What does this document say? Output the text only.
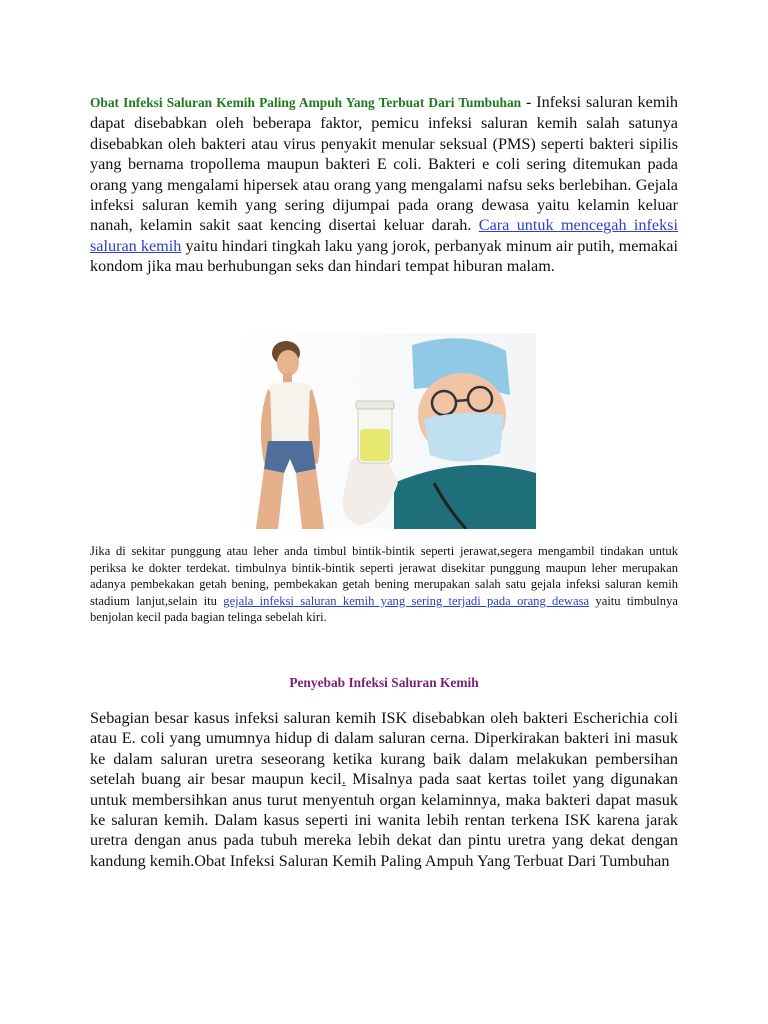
Obat Infeksi Saluran Kemih Paling Ampuh Yang Terbuat Dari Tumbuhan - Infeksi saluran kemih dapat disebabkan oleh beberapa faktor, pemicu infeksi saluran kemih salah satunya disebabkan oleh bakteri atau virus penyakit menular seksual (PMS) seperti bakteri sipilis yang bernama tropollema maupun bakteri E coli. Bakteri e coli sering ditemukan pada orang yang mengalami hipersek atau orang yang mengalami nafsu seks berlebihan. Gejala infeksi saluran kemih yang sering dijumpai pada orang dewasa yaitu kelamin keluar nanah, kelamin sakit saat kencing disertai keluar darah. Cara untuk mencegah infeksi saluran kemih yaitu hindari tingkah laku yang jorok, perbanyak minum air putih, memakai kondom jika mau berhubungan seks dan hindari tempat hiburan malam.

Jika di sekitar punggung atau leher anda timbul bintik-bintik seperti jerawat,segera mengambil tindakan untuk periksa ke dokter terdekat. timbulnya bintik-bintik seperti jerawat disekitar punggung maupun leher merupakan adanya pembekakan getah bening, pembekakan getah bening merupakan salah satu gejala infeksi saluran kemih stadium lanjut,selain itu gejala infeksi saluran kemih yang sering terjadi pada orang dewasa yaitu timbulnya benjolan kecil pada bagian telinga sebelah kiri.

Penyebab Infeksi Saluran Kemih

Sebagian besar kasus infeksi saluran kemih ISK disebabkan oleh bakteri Escherichia coli atau E. coli yang umumnya hidup di dalam saluran cerna. Diperkirakan bakteri ini masuk ke dalam saluran uretra seseorang ketika kurang baik dalam melakukan pembersihan setelah buang air besar maupun kecil. Misalnya pada saat kertas toilet yang digunakan untuk membersihkan anus turut menyentuh organ kelaminnya, maka bakteri dapat masuk ke saluran kemih. Dalam kasus seperti ini wanita lebih rentan terkena ISK karena jarak uretra dengan anus pada tubuh mereka lebih dekat dan pintu uretra yang dekat dengan kandung kemih.Obat Infeksi Saluran Kemih Paling Ampuh Yang Terbuat Dari Tumbuhan
